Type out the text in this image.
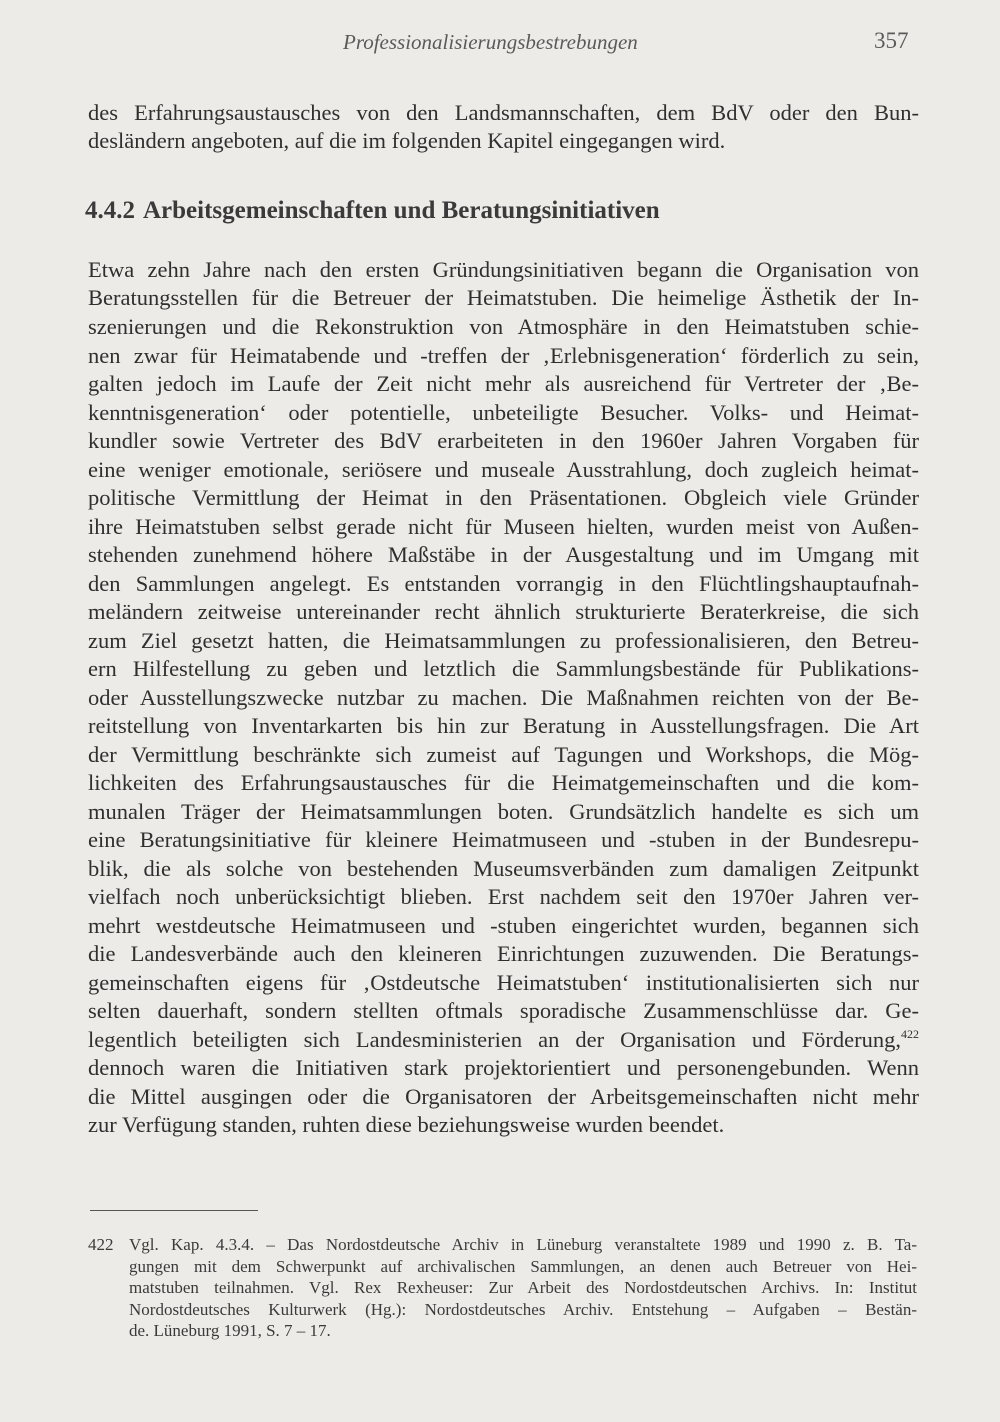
Professionalisierungsbestrebungen	357
des Erfahrungsaustausches von den Landsmannschaften, dem BdV oder den Bun-
desländern angeboten, auf die im folgenden Kapitel eingegangen wird.
4.4.2 Arbeitsgemeinschaften und Beratungsinitiativen
Etwa zehn Jahre nach den ersten Gründungsinitiativen begann die Organisation von
Beratungsstellen für die Betreuer der Heimatstuben. Die heimelige Ästhetik der In-
szenierungen und die Rekonstruktion von Atmosphäre in den Heimatstuben schie-
nen zwar für Heimatabende und -treffen der ‚Erlebnisgeneration‘ förderlich zu sein,
galten jedoch im Laufe der Zeit nicht mehr als ausreichend für Vertreter der ‚Be-
kenntnisgeneration‘ oder potentielle, unbeteiligte Besucher. Volks- und Heimat-
kundler sowie Vertreter des BdV erarbeiteten in den 1960er Jahren Vorgaben für
eine weniger emotionale, seriösere und museale Ausstrahlung, doch zugleich heimat-
politische Vermittlung der Heimat in den Präsentationen. Obgleich viele Gründer
ihre Heimatstuben selbst gerade nicht für Museen hielten, wurden meist von Außen-
stehenden zunehmend höhere Maßstäbe in der Ausgestaltung und im Umgang mit
den Sammlungen angelegt. Es entstanden vorrangig in den Flüchtlingshauptaufnah-
meländern zeitweise untereinander recht ähnlich strukturierte Beraterkreise, die sich
zum Ziel gesetzt hatten, die Heimatsammlungen zu professionalisieren, den Betreu-
ern Hilfestellung zu geben und letztlich die Sammlungsbestände für Publikations-
oder Ausstellungszwecke nutzbar zu machen. Die Maßnahmen reichten von der Be-
reitstellung von Inventarkarten bis hin zur Beratung in Ausstellungsfragen. Die Art
der Vermittlung beschränkte sich zumeist auf Tagungen und Workshops, die Mög-
lichkeiten des Erfahrungsaustausches für die Heimatgemeinschaften und die kom-
munalen Träger der Heimatsammlungen boten. Grundsätzlich handelte es sich um
eine Beratungsinitiative für kleinere Heimatmuseen und -stuben in der Bundesrepu-
blik, die als solche von bestehenden Museumsverbänden zum damaligen Zeitpunkt
vielfach noch unberücksichtigt blieben. Erst nachdem seit den 1970er Jahren ver-
mehrt westdeutsche Heimatmuseen und -stuben eingerichtet wurden, begannen sich
die Landesverbände auch den kleineren Einrichtungen zuzuwenden. Die Beratungs-
gemeinschaften eigens für ‚Ostdeutsche Heimatstuben‘ institutionalisierten sich nur
selten dauerhaft, sondern stellten oftmals sporadische Zusammenschlüsse dar. Ge-
legentlich beteiligten sich Landesministerien an der Organisation und Förderung,$^{422}$
dennoch waren die Initiativen stark projektorientiert und personengebunden. Wenn
die Mittel ausgingen oder die Organisatoren der Arbeitsgemeinschaften nicht mehr
zur Verfügung standen, ruhten diese beziehungsweise wurden beendet.
422 Vgl. Kap. 4.3.4. – Das Nordostdeutsche Archiv in Lüneburg veranstaltete 1989 und 1990 z. B. Ta-
gungen mit dem Schwerpunkt auf archivalischen Sammlungen, an denen auch Betreuer von Hei-
matstuben teilnahmen. Vgl. Rex Rexheuser: Zur Arbeit des Nordostdeutschen Archivs. In: Institut
Nordostdeutsches Kulturwerk (Hg.): Nordostdeutsches Archiv. Entstehung – Aufgaben – Bestän-
de. Lüneburg 1991, S. 7 – 17.
